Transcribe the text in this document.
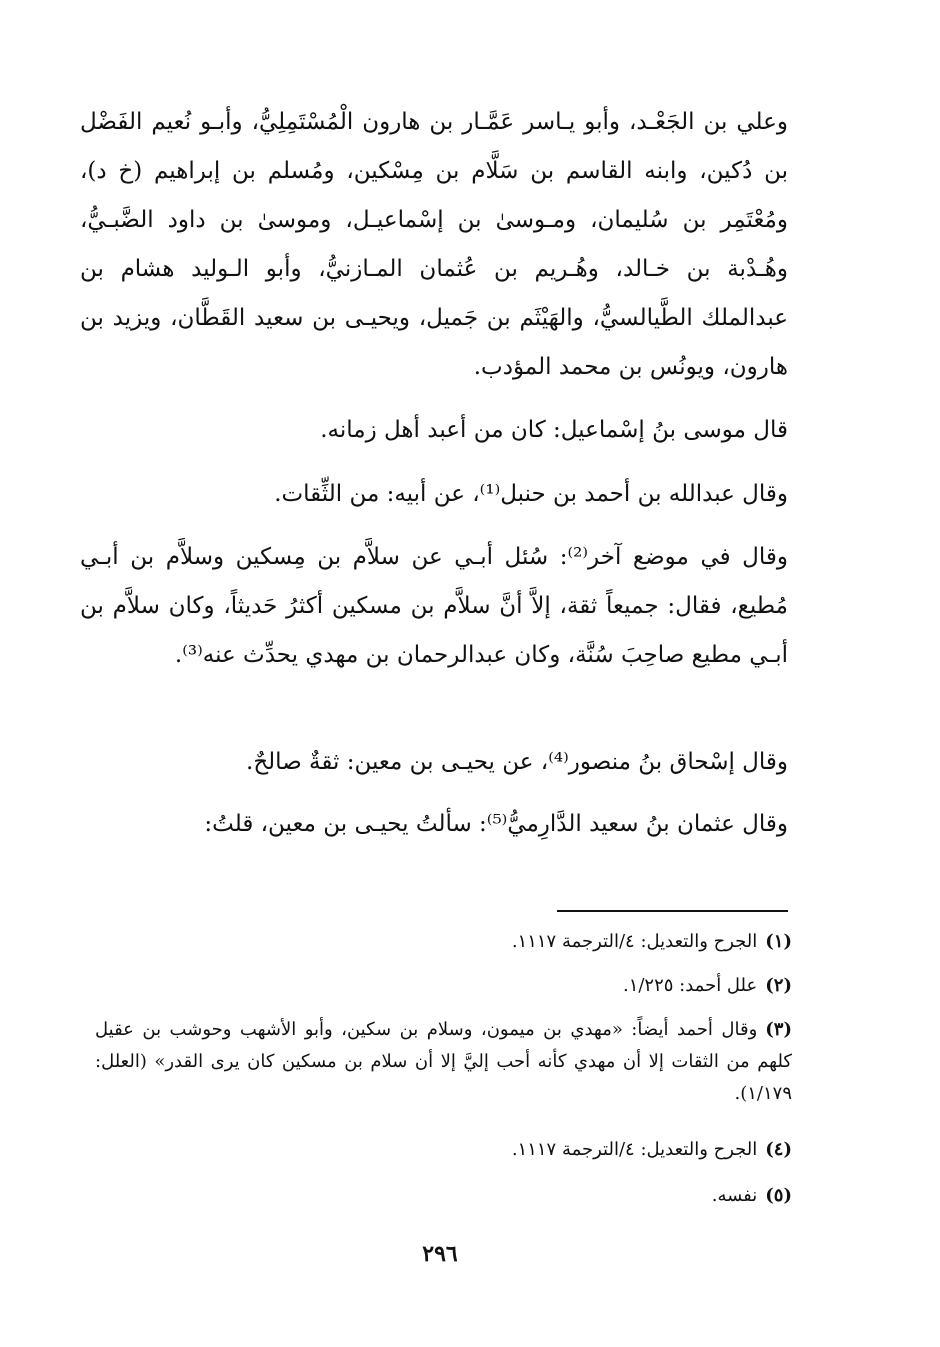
وعلي بن الجَعْـد، وأبو يـاسر عَمَّـار بن هارون الْمُسْتَمِلِيُّ، وأبـو نُعيم الفَضْل بن دُكين، وابنه القاسم بن سَلَّام بن مِسْكين، ومُسلم بن إبراهيم (خ د)، ومُعْتَمِر بن سُليمان، ومـوسىٰ بن إسْماعيـل، وموسىٰ بن داود الضَّبـيُّ، وهُـدْبة بن خـالد، وهُـريم بن عُثمان المـازنيُّ، وأبو الـوليد هشام بن عبدالملك الطَّيالسيُّ، والهَيْثَم بن جَميل، ويحيـى بن سعيد القَطَّان، ويزيد بن هارون، ويونُس بن محمد المؤدب.

قال موسى بنُ إسْماعيل: كان من أعبد أهل زمانه.

وقال عبدالله بن أحمد بن حنبل⁽¹⁾، عن أبيه: من الثِّقات.

وقال في موضع آخر⁽²⁾: سُئل أبـي عن سلاَّم بن مِسكين وسلاَّم بن أبـي مُطيع، فقال: جميعاً ثقة، إلاَّ أنَّ سلاَّم بن مسكين أكثرُ حَديثاً، وكان سلاَّم بن أبـي مطيع صاحِبَ سُنَّة، وكان عبدالرحمان بن مهدي يحدِّث عنه⁽³⁾.

وقال إسْحاق بنُ منصور⁽⁴⁾، عن يحيـى بن معين: ثقةٌ صالحٌ.

وقال عثمان بنُ سعيد الدَّارِميُّ⁽⁵⁾: سألتُ يحيـى بن معين، قلتُ:

(١)الجرح والتعديل: ٤/الترجمة ١١١٧.

(٢)علل أحمد: ١/٢٢٥.

(٣)وقال أحمد أيضاً: «مهدي بن ميمون، وسلام بن سكين، وأبو الأشهب وحوشب بن عقيل كلهم من الثقات إلا أن مهدي كأنه أحب إليَّ إلا أن سلام بن مسكين كان يرى القدر» (العلل: ١/١٧٩).

(٤)الجرح والتعديل: ٤/الترجمة ١١١٧.

(٥)نفسه.

٢٩٦
